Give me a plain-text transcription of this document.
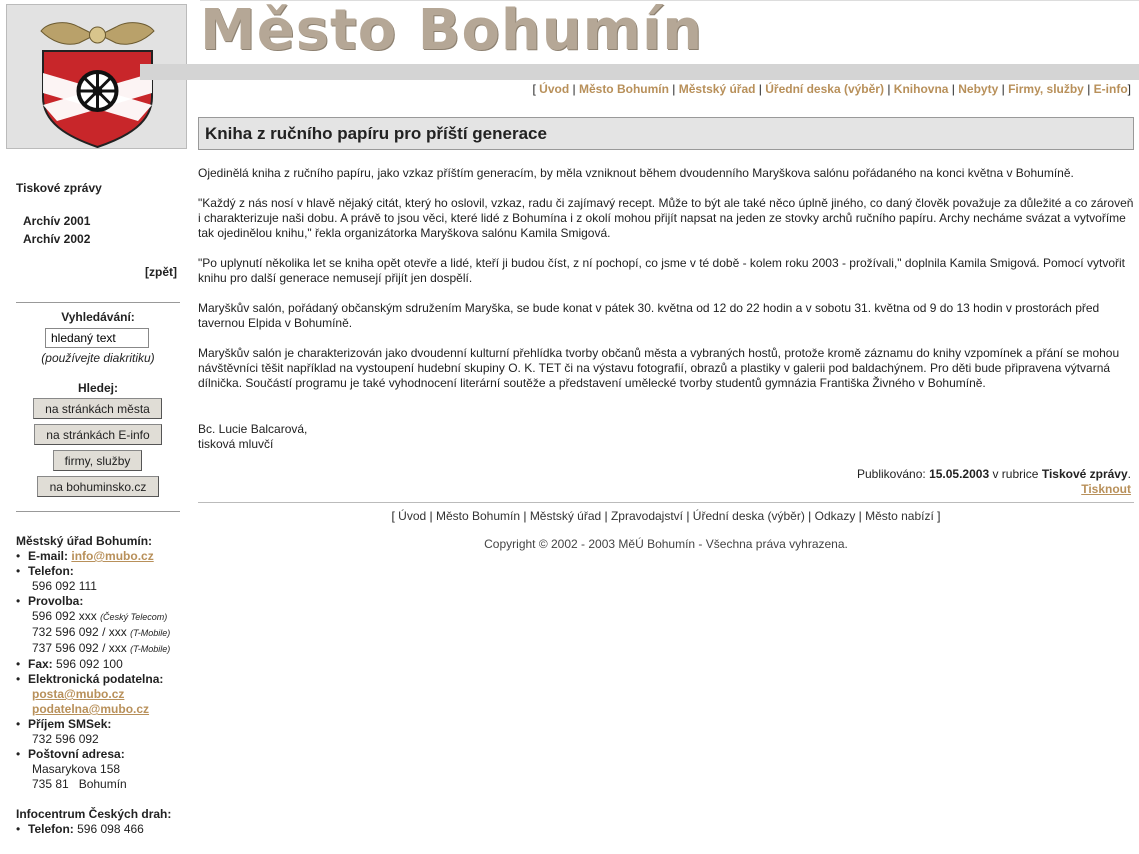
Město Bohumín
[ Úvod | Město Bohumín | Městský úřad | Úřední deska (výběr) | Knihovna | Nebyty | Firmy, služby | E-info]
Kniha z ručního papíru pro příští generace

Ojedinělá kniha z ručního papíru, jako vzkaz příštím generacím, by měla vzniknout během dvoudenního Maryškova salónu pořádaného na konci května v Bohumíně.

"Každý z nás nosí v hlavě nějaký citát, který ho oslovil, vzkaz, radu či zajímavý recept. Může to být ale také něco úplně jiného, co daný člověk považuje za důležité a co zároveň i charakterizuje naši dobu. A právě to jsou věci, které lidé z Bohumína i z okolí mohou přijít napsat na jeden ze stovky archů ručního papíru. Archy necháme svázat a vytvoříme tak ojedinělou knihu," řekla organizátorka Maryškova salónu Kamila Smigová.

"Po uplynutí několika let se kniha opět otevře a lidé, kteří ji budou číst, z ní pochopí, co jsme v té době - kolem roku 2003 - prožívali," doplnila Kamila Smigová. Pomocí vytvořit knihu pro další generace nemusejí přijít jen dospělí.

Maryškův salón, pořádaný občanským sdružením Maryška, se bude konat v pátek 30. května od 12 do 22 hodin a v sobotu 31. května od 9 do 13 hodin v prostorách před tavernou Elpida v Bohumíně.

Maryškův salón je charakterizován jako dvoudenní kulturní přehlídka tvorby občanů města a vybraných hostů, protože kromě záznamu do knihy vzpomínek a přání se mohou návštěvníci těšit například na vystoupení hudební skupiny O. K. TET či na výstavu fotografií, obrazů a plastiky v galerii pod baldachýnem. Pro děti bude připravena výtvarná dílnička. Součástí programu je také vyhodnocení literární soutěže a představení umělecké tvorby studentů gymnázia Františka Živného v Bohumíně.

Bc. Lucie Balcarová,
tisková mluvčí
Publikováno: 15.05.2003 v rubrice Tiskové zprávy.
Tisknout
[ Úvod | Město Bohumín | Městský úřad | Zpravodajství | Úřední deska (výběr) | Odkazy | Město nabízí ]
Copyright © 2002 - 2003 MěÚ Bohumín - Všechna práva vyhrazena.
Tiskové zprávy
Archív 2001
Archív 2002
[zpět]
Vyhledávání:
hledaný text
(používejte diakritiku)
Hledej:
na stránkách města
na stránkách E-info
firmy, služby
na bohuminsko.cz
Městský úřad Bohumín:
• E-mail: info@mubo.cz
• Telefon:
596 092 111
• Provolba:
596 092 xxx (Český Telecom)
732 596 092 / xxx (T-Mobile)
737 596 092 / xxx (T-Mobile)
• Fax: 596 092 100
• Elektronická podatelna:
posta@mubo.cz
podatelna@mubo.cz
• Příjem SMSek:
732 596 092
• Poštovní adresa:
Masarykova 158
735 81   Bohumín
Infocentrum Českých drah:
• Telefon: 596 098 466
